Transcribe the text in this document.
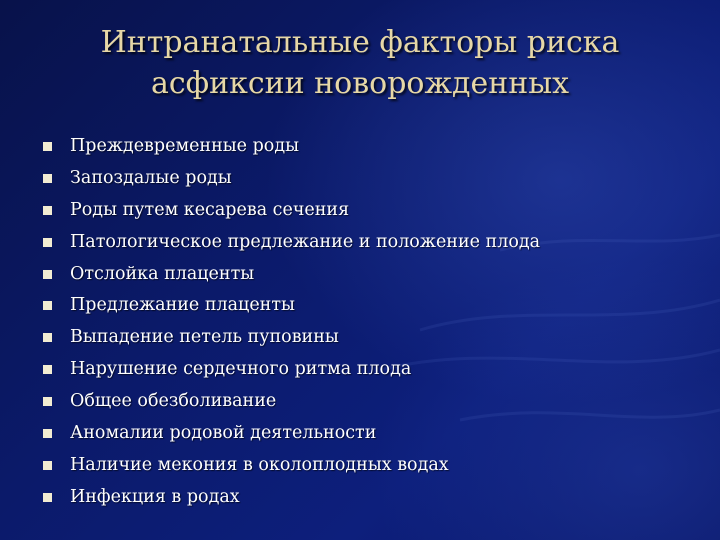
Интранатальные факторы риска
асфиксии новорожденных
Преждевременные роды
Запоздалые роды
Роды путем кесарева сечения
Патологическое предлежание и положение плода
Отслойка плаценты
Предлежание плаценты
Выпадение петель пуповины
Нарушение сердечного ритма плода
Общее обезболивание
Аномалии родовой деятельности
Наличие мекония в околоплодных водах
Инфекция в родах
